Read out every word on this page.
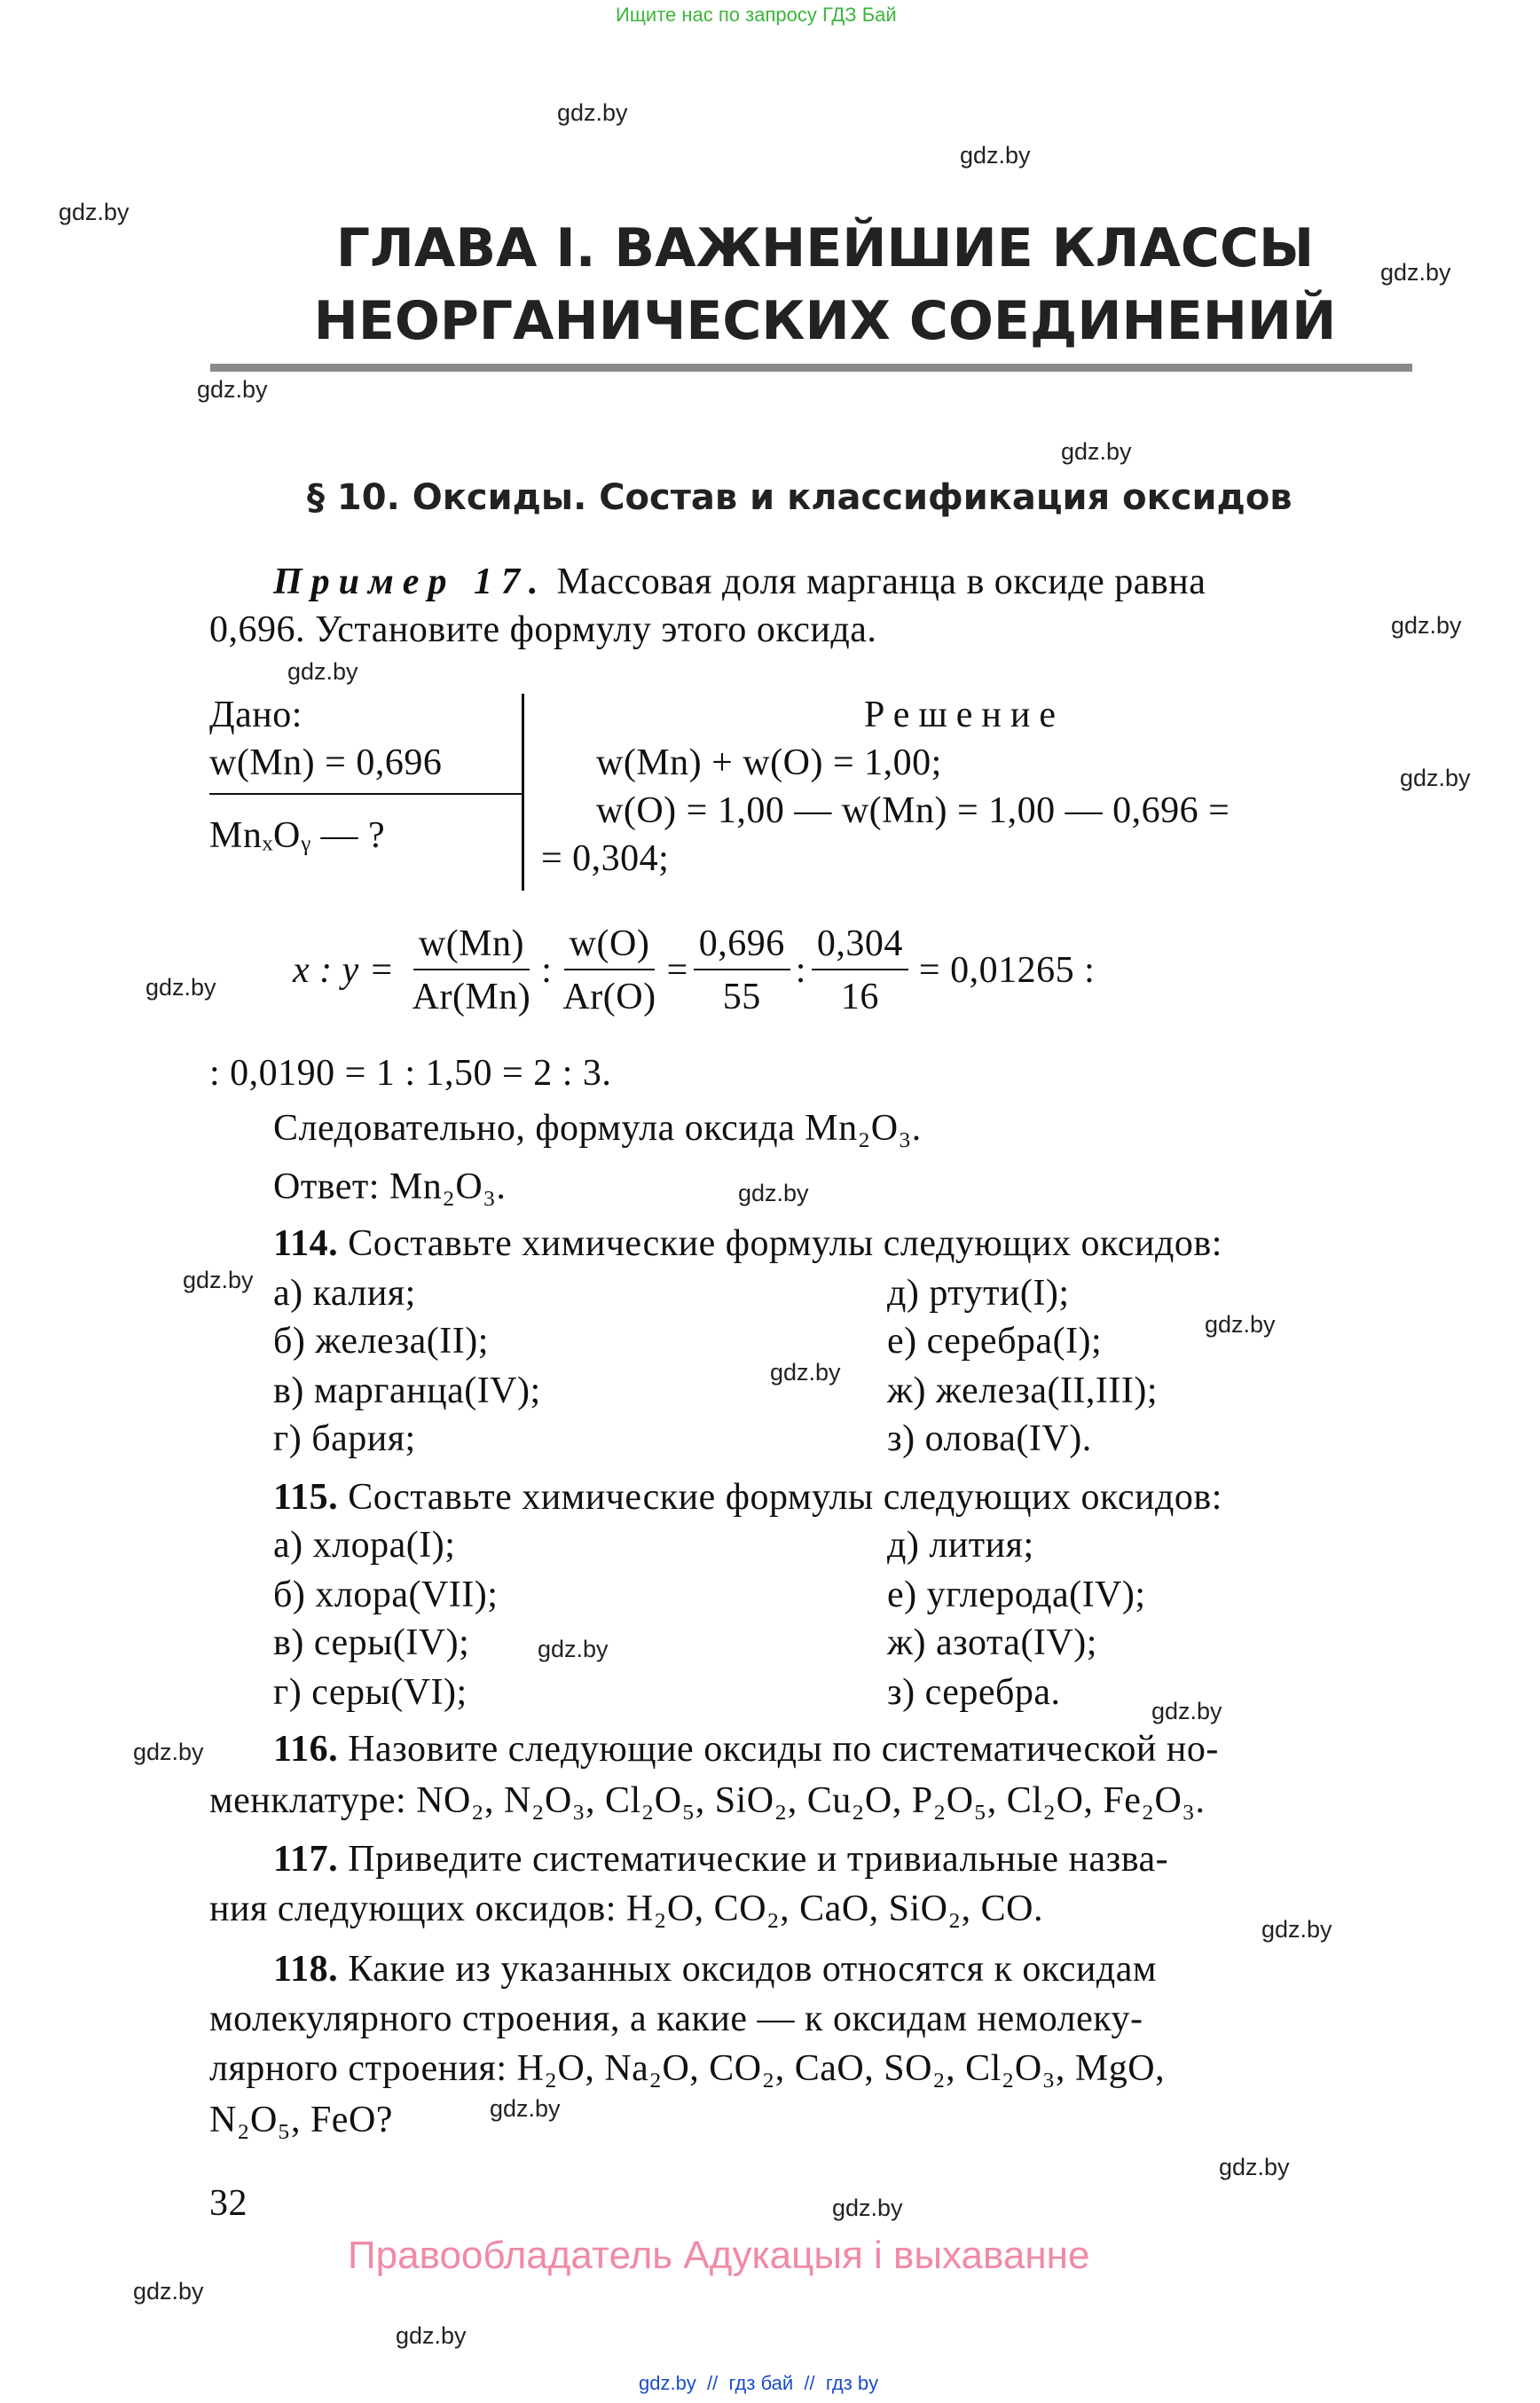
Ищите нас по запросу ГДЗ Бай
gdz.by
gdz.by
gdz.by
gdz.by
gdz.by
gdz.by
gdz.by
gdz.by
gdz.by
gdz.by
gdz.by
gdz.by
gdz.by
gdz.by
gdz.by
gdz.by
gdz.by
gdz.by
gdz.by
gdz.by
gdz.by
gdz.by
gdz.by
ГЛАВА I. ВАЖНЕЙШИЕ КЛАССЫ
НЕОРГАНИЧЕСКИХ СОЕДИНЕНИЙ
§ 10. Оксиды. Состав и классификация оксидов
Пример 17. Массовая доля марганца в оксиде равна
0,696. Установите формулу этого оксида.
Дано:
w(Mn) = 0,696
MnₓOᵧ — ?
Решение
w(Mn) + w(O) = 1,00;
w(O) = 1,00 — w(Mn) = 1,00 — 0,696 =
= 0,304;
x : $y = \frac{w(Mn)}{Ar(Mn)}$ : $\frac{w(O)}{Ar(O)} = \frac{0,696}{55}$ : $\frac{0,304}{16} = 0,01265$ :
: 0,0190 = 1 : 1,50 = 2 : 3.
Следовательно, формула оксида Mn₂O₃.
Ответ: Mn₂O₃.
114. Составьте химические формулы следующих оксидов:
а) калия;
б) железа(II);
в) марганца(IV);
г) бария;
д) ртути(I);
е) серебра(I);
ж) железа(II,III);
з) олова(IV).
115. Составьте химические формулы следующих оксидов:
а) хлора(I);
б) хлора(VII);
в) серы(IV);
г) серы(VI);
д) лития;
е) углерода(IV);
ж) азота(IV);
з) серебра.
116. Назовите следующие оксиды по систематической но-
менклатуре: NO₂, N₂O₃, Cl₂O₅, SiO₂, Cu₂O, P₂O₅, Cl₂O, Fe₂O₃.
117. Приведите систематические и тривиальные назва-
ния следующих оксидов: H₂O, CO₂, CaO, SiO₂, CO.
118. Какие из указанных оксидов относятся к оксидам
молекулярного строения, а какие — к оксидам немолеку-
лярного строения: H₂O, Na₂O, CO₂, CaO, SO₂, Cl₂O₃, MgO,
N₂O₅, FeO?
32
Правообладатель Адукацыя і выхаванне
gdz.by  //  гдз бай  //  гдз by
